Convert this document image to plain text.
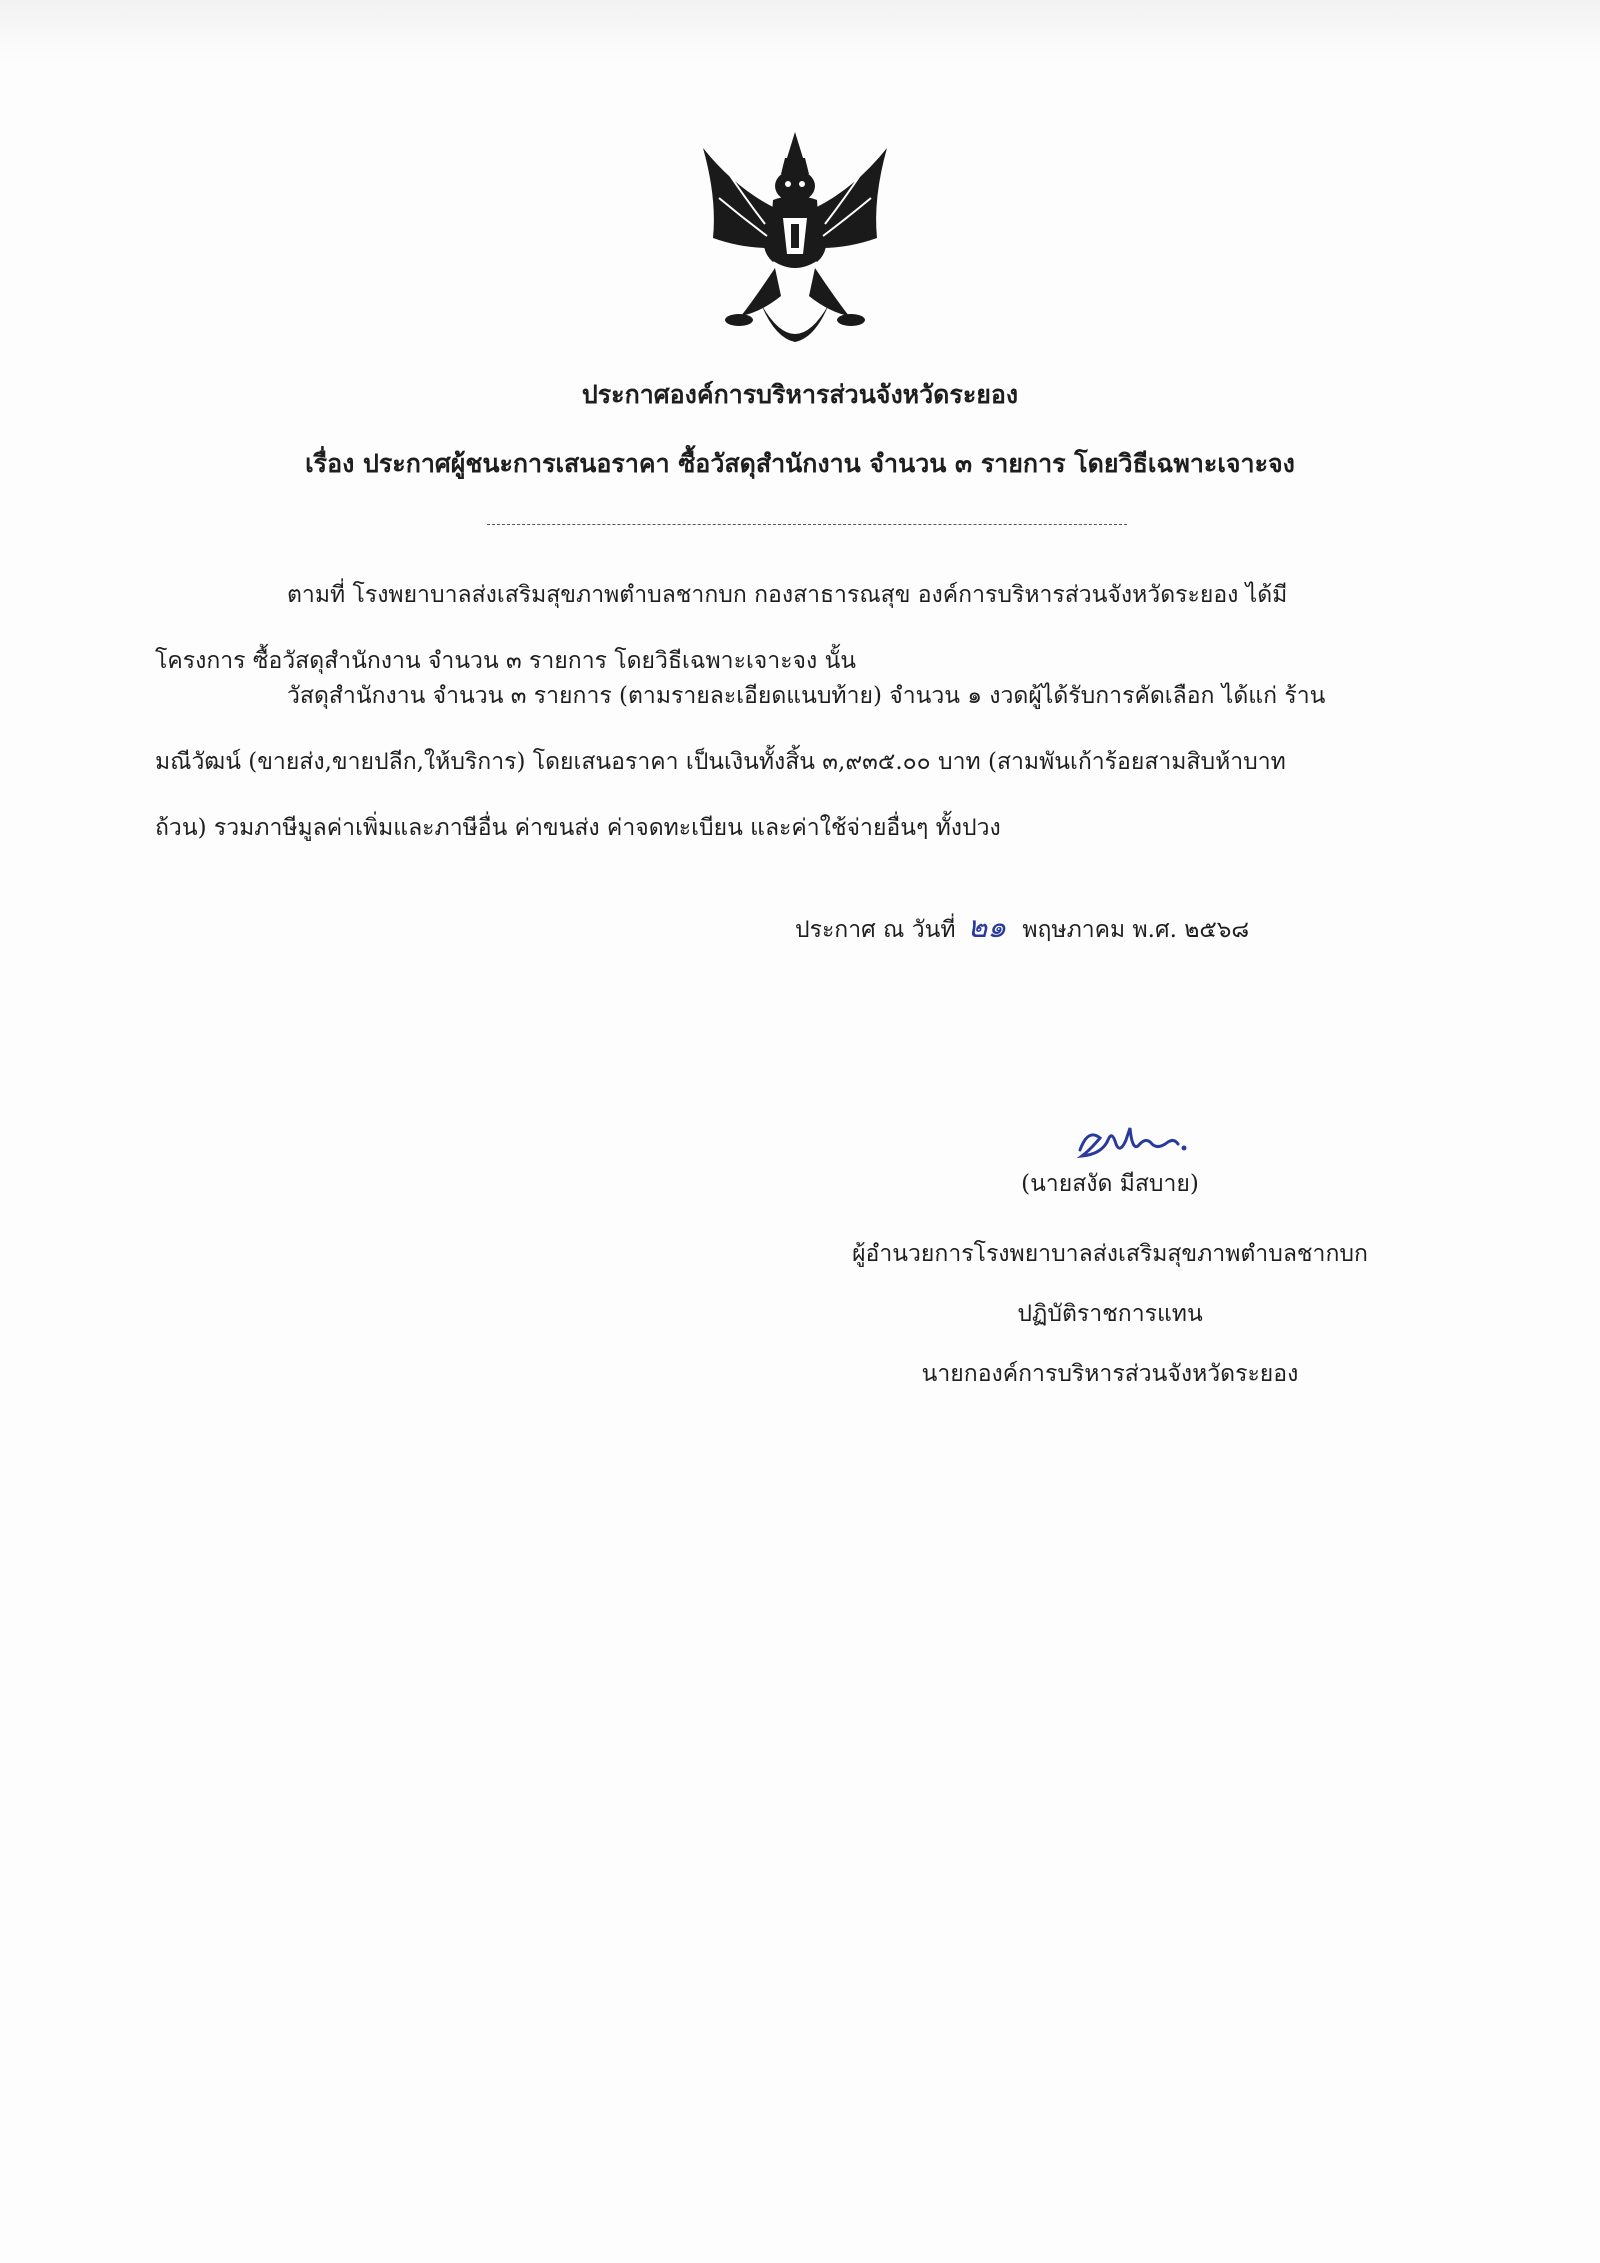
ประกาศองค์การบริหารส่วนจังหวัดระยอง
เรื่อง ประกาศผู้ชนะการเสนอราคา ซื้อวัสดุสำนักงาน จำนวน ๓ รายการ โดยวิธีเฉพาะเจาะจง
ตามที่ โรงพยาบาลส่งเสริมสุขภาพตำบลชากบก กองสาธารณสุข องค์การบริหารส่วนจังหวัดระยอง ได้มี
โครงการ ซื้อวัสดุสำนักงาน จำนวน ๓ รายการ โดยวิธีเฉพาะเจาะจง นั้น
วัสดุสำนักงาน จำนวน ๓ รายการ (ตามรายละเอียดแนบท้าย) จำนวน ๑ งวดผู้ได้รับการคัดเลือก ได้แก่ ร้าน
มณีวัฒน์ (ขายส่ง,ขายปลีก,ให้บริการ) โดยเสนอราคา เป็นเงินทั้งสิ้น ๓,๙๓๕.๐๐ บาท (สามพันเก้าร้อยสามสิบห้าบาท
ถ้วน) รวมภาษีมูลค่าเพิ่มและภาษีอื่น ค่าขนส่ง ค่าจดทะเบียน และค่าใช้จ่ายอื่นๆ ทั้งปวง
ประกาศ ณ วันที่ ๒๑ พฤษภาคม พ.ศ. ๒๕๖๘
(นายสงัด มีสบาย)
ผู้อำนวยการโรงพยาบาลส่งเสริมสุขภาพตำบลชากบก
ปฏิบัติราชการแทน
นายกองค์การบริหารส่วนจังหวัดระยอง
